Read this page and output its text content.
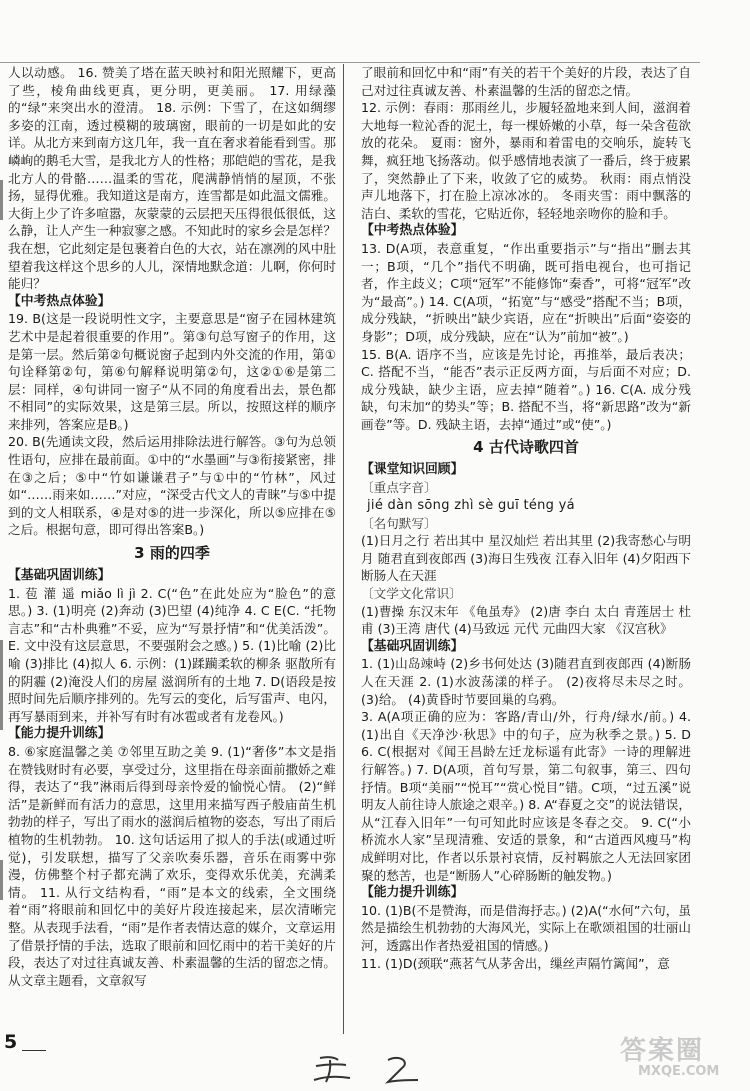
人以动感。 16. 赞美了塔在蓝天映衬和阳光照耀下，更高了些，棱角曲线更真，更分明，更美丽。 17. 用绿藻的“绿”来突出水的澄清。 18. 示例：下雪了，在这如绸缪多姿的江南，透过模糊的玻璃窗，眼前的一切是如此的安详。从北方来到南方这几年，我一直在奢求着能看到雪。那嶙峋的鹅毛大雪，是我北方人的性格；那皑皑的雪花，是我北方人的骨骼……温柔的雪花，爬满静悄悄的屋顶，不张扬，显得优雅。我知道这是南方，连雪都是如此温文儒雅。大街上少了许多喧嚣，灰蒙蒙的云层把天压得很低很低，这么静，让人产生一种寂寥之感。不知此时的家乡会是怎样？我在想，它此刻定是包裹着白色的大衣，站在凛冽的风中肚望着我这样这个思乡的人儿，深情地默念道：儿啊，你何时能归？

【中考热点体验】

19. B(这是一段说明性文字，主要意思是“窗子在园林建筑艺术中是起着很重要的作用”。第③句总写窗子的作用，这是第一层。然后第②句概说窗子起到内外交流的作用，第①句诠释第②句，第⑥句解释说明第②句，这②①⑥是第二层：同样，④句讲同一窗子“从不同的角度看出去，景色都不相同”的实际效果，这是第三层。所以，按照这样的顺序来排列，答案应是B。)

20. B(先通读文段，然后运用排除法进行解答。③句为总领性语句，应排在最前面。①中的“水墨画”与③衔接紧密，排在③之后；⑤中“竹如谦谦君子”与①中的“竹林”，风过如“……雨来如……”对应，“深受古代文人的青睐”与⑤中提到的文人相联系，④是对⑤的进一步深化，所以⑤应排在⑤之后。根据句意，即可得出答案B。)

3 雨的四季

【基础巩固训练】

1. 苞 灌 遥 miǎo lì jì 2. C(“色”在此处应为“脸色”的意思。) 3. (1)明亮 (2)奔动 (3)巴望 (4)纯净 4. C E(C. “托物言志”和“古朴典雅”不妥，应为“写景抒情”和“优美活泼”。E. 文中没有这层意思，不要强附会之感。) 5. (1)比喻 (2)比喻 (3)排比 (4)拟人 6. 示例：(1)蹂躏柔软的柳条 驱散所有的阴霾 (2)淹没人们的房屋 滋润所有的土地 7. D(语段是按照时间先后顺序排列的。先写云的变化，后写雷声、电闪，再写暴雨到来，并补写有时有冰雹或者有龙卷风。)

【能力提升训练】

8. ⑥家庭温馨之美 ⑦邻里互助之美 9. (1)“奢侈”本文是指在赞钱财时有必要，享受过分，这里指在母亲面前撒娇之难得，表达了“我”淋雨后得到母亲怜爱的愉悦心情。 (2)“鲜活”是新鲜而有活力的意思，这里用来描写西子般庙苗生机勃勃的样子，写出了雨水的滋润后植物的姿态，写出了雨后植物的生机勃勃。 10. 这句话运用了拟人的手法(或通过听觉)，引发联想，描写了父亲吹奏乐器，音乐在雨雾中弥漫，仿佛整个村子都充满了欢乐，变得欢乐优美，充满柔情。 11. 从行文结构看，“雨”是本文的线索，全文围绕着“雨”将眼前和回忆中的美好片段连接起来，层次清晰完整。从表现手法看，“雨”是作者表情达意的媒介，文章运用了借景抒情的手法，选取了眼前和回忆雨中的若干美好的片段，表达了对过往真诚友善、朴素温馨的生活的留恋之情。从文章主题看，文章叙写

了眼前和回忆中和“雨”有关的若干个美好的片段，表达了自己对过往真诚友善、朴素温馨的生活的留恋之情。

12. 示例：春雨：那雨丝儿，步履轻盈地来到人间，滋润着大地每一粒沁香的泥土，每一棵娇嫩的小草，每一朵含苞欲放的花朵。 夏雨：窗外，暴雨和着雷电的交响乐，旋转飞舞，疯狂地飞扬落动。似乎感情地表演了一番后，终于疲累了，突然静止了下来，收敛了它的威势。 秋雨：雨点悄没声儿地落下，打在脸上凉冰冰的。 冬雨夹雪：雨中飘落的洁白、柔软的雪花，它贴近你，轻轻地亲吻你的脸和手。

【中考热点体验】

13. D(A项，表意重复，“作出重要指示”与“指出”删去其一；B项，“几个”指代不明确，既可指电视台，也可指记者，作主歧义；C项“冠军”不能修饰“秦香”，可将“冠军”改为“最高”。) 14. C(A项，“拓宽”与“感受”搭配不当；B项，成分残缺，“折映出”缺少宾语，应在“折映出”后面“姿姿的身影”；D项，成分残缺，应在“认为”前加“被”。)

15. B(A. 语序不当，应该是先讨论，再推举，最后表决；C. 搭配不当，“能否”表示正反两方面，与后面不对应；D. 成分残缺，缺少主语，应去掉“随着”。) 16. C(A. 成分残缺，句末加“的势头”等；B. 搭配不当，将“新思路”改为“新画卷”等。D. 残缺主语，去掉“通过”或“使”。)

4 古代诗歌四首

【课堂知识回顾】

〔重点字音〕

jié dàn sōng zhì sè guī téng yá

〔名句默写〕

(1)日月之行 若出其中 星汉灿烂 若出其里 (2)我寄愁心与明月 随君直到夜郎西 (3)海日生残夜 江春入旧年 (4)夕阳西下 断肠人在天涯

〔文学文化常识〕

(1)曹操 东汉末年 《龟虽寿》 (2)唐 李白 太白 青莲居士 杜甫 (3)王湾 唐代 (4)马致远 元代 元曲四大家 《汉宫秋》

【基础巩固训练】

1. (1)山岛竦峙 (2)乡书何处达 (3)随君直到夜郎西 (4)断肠人在天涯 2. (1)水波荡漾的样子。 (2)夜将尽未尽之时。 (3)给。 (4)黄昏时节要回巢的乌鸦。

3. A(A项正确的应为：客路/青山/外，行舟/绿水/前。) 4. (1)出自《天净沙·秋思》中的句子，应为秋季之景。) 5. D 6. C(根据对《闻王昌龄左迁龙标遥有此寄》一诗的理解进行解答。) 7. D(A项，首句写景，第二句叙事，第三、四句抒情。B项“美丽”“悦耳”“赏心悦目”错。C项，“过五溪”说明友人前往诗人旅途之艰辛。) 8. A“春夏之交”的说法错误，从“江春入旧年”一句可知此时应该是冬春之交。 9. C(“小桥流水人家”呈现清雅、安适的景象，和“古道西风瘦马”构成鲜明对比，作者以乐景衬哀情，反衬羁旅之人无法回家团聚的愁苦，也是“断肠人”心碎肠断的触发物。)

【能力提升训练】

10. (1)B(不是赞海，而是借海抒志。) (2)A(“水何”六句，虽然是描绘生机勃勃的大海风光，实际上在歌颂祖国的壮丽山河，透露出作者热爱祖国的情感。)

11. (1)D(颈联“燕茗气从茅舍出，缫丝声隔竹篱闻”，意

5	答案圈
MXQE.COM
